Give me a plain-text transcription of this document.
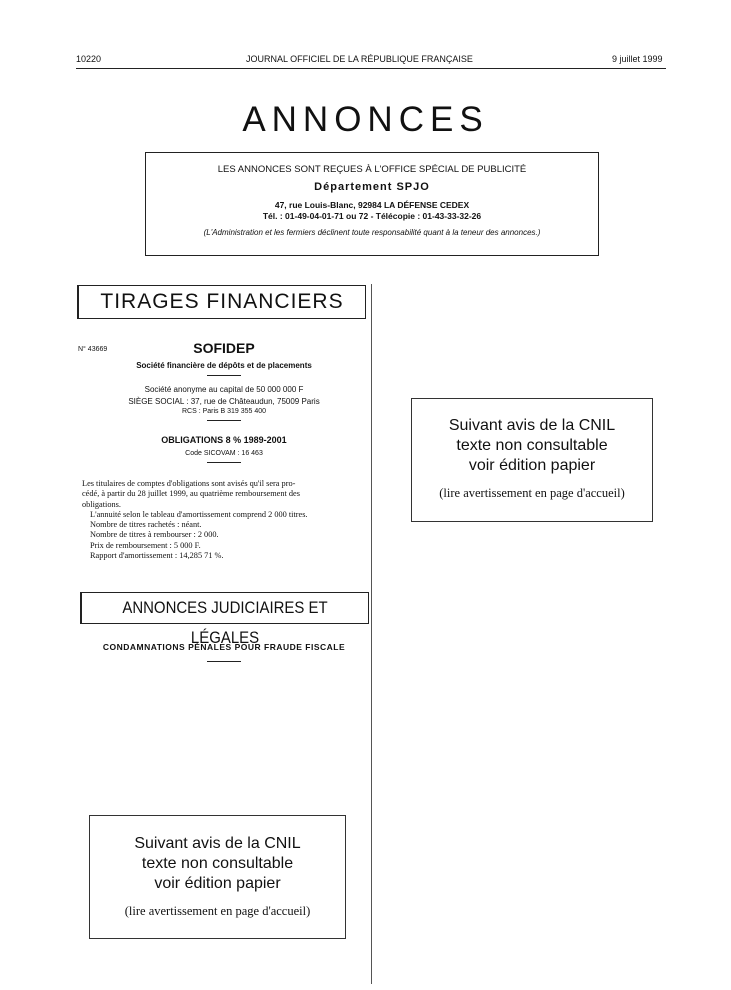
10220	JOURNAL OFFICIEL DE LA RÉPUBLIQUE FRANÇAISE	9 juillet 1999
ANNONCES
LES ANNONCES SONT REÇUES À L'OFFICE SPÉCIAL DE PUBLICITÉ
Département SPJO
47, rue Louis-Blanc, 92984 LA DÉFENSE CEDEX
Tél. : 01-49-04-01-71 ou 72 - Télécopie : 01-43-33-32-26
(L'Administration et les fermiers déclinent toute responsabilité quant à la teneur des annonces.)
TIRAGES FINANCIERS
N° 43669	SOFIDEP
Société financière de dépôts et de placements
Société anonyme au capital de 50 000 000 F
SIÈGE SOCIAL : 37, rue de Châteaudun, 75009 Paris
RCS : Paris B 319 355 400
OBLIGATIONS 8 % 1989-2001
Code SICOVAM : 16 463

Les titulaires de comptes d'obligations sont avisés qu'il sera pro-

cédé, à partir du 28 juillet 1999, au quatrième remboursement des

obligations.

L'annuité selon le tableau d'amortissement comprend 2 000 titres.

Nombre de titres rachetés : néant.

Nombre de titres à rembourser : 2 000.

Prix de remboursement : 5 000 F.

Rapport d'amortissement : 14,285 71 %.

ANNONCES JUDICIAIRES ET LÉGALES
CONDAMNATIONS PÉNALES POUR FRAUDE FISCALE
Suivant avis de la CNIL
texte non consultable
voir édition papier
(lire avertissement en page d'accueil)
Suivant avis de la CNIL
texte non consultable
voir édition papier
(lire avertissement en page d'accueil)
